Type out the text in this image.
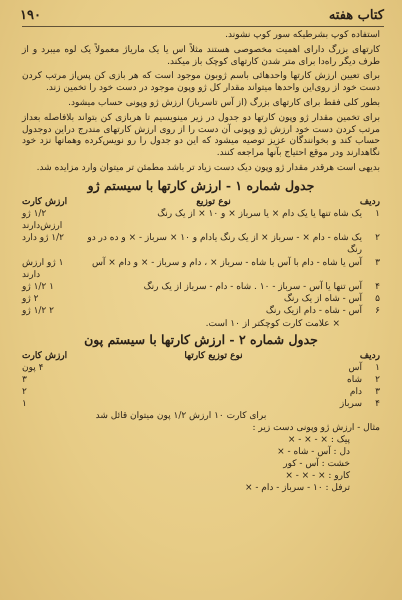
۱۹۰	کتاب هفته

استفاده کوپ بشرطیکه سور کوپ نشوند.

کارتهای بزرگ دارای اهمیت مخصوصی هستند مثلاً اس یا یک ماریاژ معمولاً یک لوه میبرد و از طرف دیگر راه‌دا برای متر شدن کارتهای کوچک باز میکند.

برای تعیین ارزش کارتها واحدهائی باسم ژوبون موجود است که هر بازی کن پس‌از مرتب کردن دست خود از روی‌این واحد‌ها میتواند مقدار کل ژو وپون موجود در دست خود را تخمین زند.

بطور کلی فقط برای کارتهای بزرگ (از آس تاسرباز) ارزش ژو وپونی حساب میشود.

برای تخمین مقدار ژو وپون کارتها دو جدول در زیر مینویسیم تا هربازی کن بتواند بلافاصله بعداز مرتب کردن دست خود ارزش ژو وپونی آن دست را از روی ارزش کارتهای مندرج دراین دوجدول حساب کند و بخوانندگان عزیز توصیه میشود که این دو جدول را رو نویس‌کرده وهمانها نزد خود نگاهدارند ودر موقع احتیاج بآنها مراجعه کنند.

بدیهی است هرقدر مقدار ژو وپون دیک دست زیاد تر باشد مطمئن تر میتوان وارد مزایده شد.

جدول شماره ۱ - ارزش کارتها با سیستم ژو
ردیف
نوع توزیع
ارزش کارت
۱
یک شاه تنها یا یک دام × یا سرباز × و ۱۰ × از یک رنگ
۱/۲ ژو ارزش‌دارند
۲
یک شاه - دام × - سرباز × از یک رنگ یادام و ۱۰ × سرباز - × و ده در دو رنگ
۱/۲ ژو دارد
۳
آس یا شاه - دام با آس با شاه - سرباز × ، دام و سرباز - × و دام × آس
۱ ژو ارزش دارند
۴
آس تنها یا آس - سرباز - ۱۰ . شاه - دام - سرباز از یک رنگ
۱ ۱/۲ ژو
۵
آس - شاه از یک رنگ
۲ ژو
۶
آس - شاه - دام ازیک رنگ
۲ ۱/۲ ژو
× علامت کارت کوچکتر از ۱۰ است.
جدول شماره ۲ - ارزش کارتها با سیستم پون
ردیف
نوع توزیع کارتها
ارزش کارت
۱
آس
۴ پون
۲
شاه
۳
۳
دام
۲
۴
سرباز
۱
برای کارت ۱۰ ارزش ۱/۲ پون میتوان قائل شد
مثال - ارزش ژو وپونی دست زیر :
پیک : × - × - ×
دل : آس - شاه - ×
خشت : آس - کور
کارو : × - × - ×
ترفل : ۱۰ - سرباز - دام - ×
